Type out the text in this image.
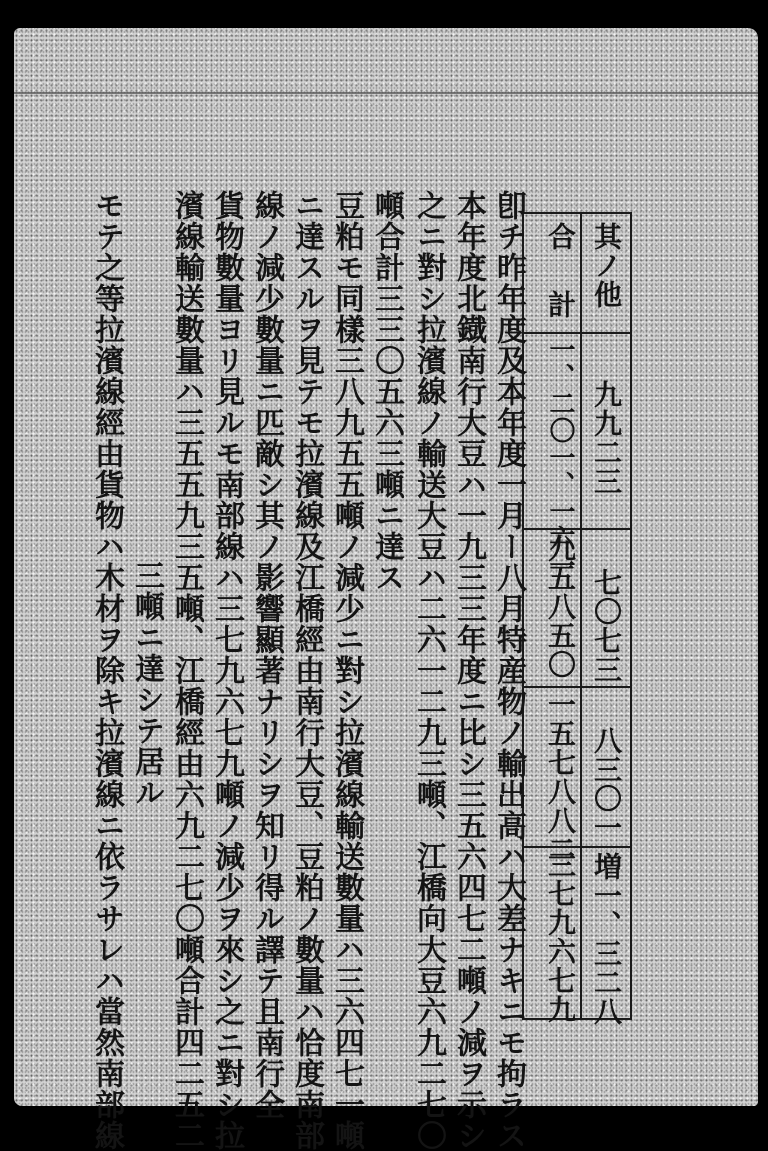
其ノ他
九九二三
七〇七三
八三〇一
増一、三二八
合計
一、二〇一、一六一
九五八五〇
一五七八八二
三七九六七九
卽チ昨年度及本年度一月ー八月特産物ノ輸出高ハ大差ナキニモ拘ラス
本年度北鐡南行大豆ハ一九三三年度ニ比シ三五六四七二噸ノ減ヲ示シ
之ニ對シ拉濱線ノ輸送大豆ハ二六一二九三噸、江橋向大豆六九二七〇
噸合計三三〇五六三噸ニ達ス
豆粕モ同樣三八九五五噸ノ減少ニ對シ拉濱線輸送數量ハ三六四七一噸
ニ達スルヲ見テモ拉濱線及江橋經由南行大豆、豆粕ノ數量ハ恰度南部
線ノ減少數量ニ匹敵シ其ノ影響顯著ナリシヲ知リ得ル譯テ且南行全
貨物數量ヨリ見ルモ南部線ハ三七九六七九噸ノ減少ヲ來シ之ニ對シ拉
濱線輸送數量ハ三五五九三五噸、江橋經由六九二七〇噸合計四二五二
三噸ニ達シテ居ル
モテ之等拉濱線經由貨物ハ木材ヲ除キ拉濱線ニ依ラサレハ當然南部線
